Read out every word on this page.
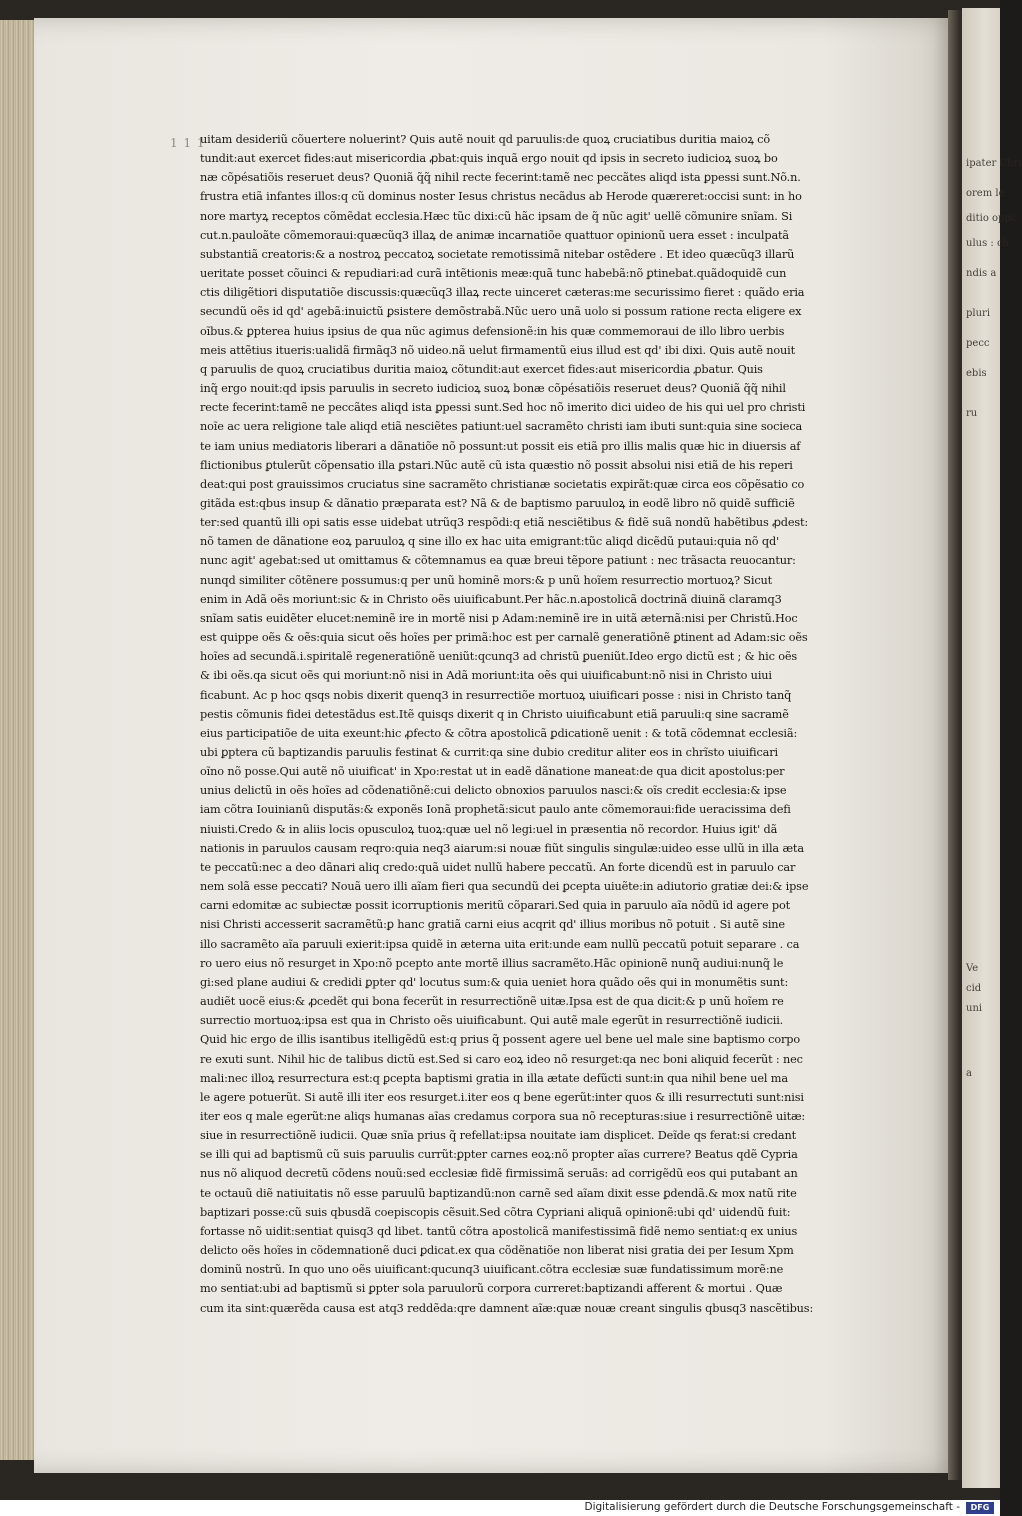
ipater Chri
orem le
ditio oppc
ulus : ch
ndis a
pluri
pecc
ebis
ru
Ve
cid
uni
a
1 1 1
uitam desideriũ cõuertere noluerint? Quis autẽ nouit qd paruulis:de quoꝝ cruciatibus duritia maioꝝ cõ
tundit:aut exercet fides:aut misericordia ꝓbat:quis inquã ergo nouit qd ipsis in secreto iudicioꝝ suoꝝ bo
næ cõpésatiõis reseruet deus? Quoniã q̃q̃ nihil recte fecerint:tamẽ nec peccãtes aliqd ista ꝑpessi sunt.Nõ.n.
frustra etiã infantes illos:q cũ dominus noster Iesus christus necãdus ab Herode quæreret:occisi sunt: in ho
nore martyꝝ receptos cõmẽdat ecclesia.Hæc tũc dixi:cũ hãc ipsam de q̃ nũc agit' uellẽ cõmunire snĩam. Si
cut.n.pauloãte cõmemoraui:quæcũq3 illaꝝ de animæ incarnatiõe quattuor opinionũ uera esset : inculpatã
substantiã creatoris:& a nostroꝝ peccatoꝝ societate remotissimã nitebar ostẽdere . Et ideo quæcũq3 illarũ
ueritate posset cõuinci & repudiari:ad curã intẽtionis meæ:quã tunc habebã:nõ ꝑtinebat.quãdoquidẽ cun
ctis diligẽtiori disputatiõe discussis:quæcũq3 illaꝝ recte uinceret cæteras:me securissimo fieret : quãdo eria
secundũ oẽs id qd' agebã:inuictũ ꝑsistere demõstrabã.Nũc uero unã uolo si possum ratione recta eligere ex
oĩbus.& ꝑpterea huius ipsius de qua nũc agimus defensionẽ:in his quæ commemoraui de illo libro uerbis
meis attẽtius itueris:ualidã firmãq3 nõ uideo.nã uelut firmamentũ eius illud est qd' ibi dixi. Quis autẽ nouit
q paruulis de quoꝝ cruciatibus duritia maioꝝ cõtundit:aut exercet fides:aut misericordia ꝓbatur. Quis
inq̃ ergo nouit:qd ipsis paruulis in secreto iudicioꝝ suoꝝ bonæ cõpésatiõis reseruet deus? Quoniã q̃q̃ nihil
recte fecerint:tamẽ ne peccãtes aliqd ista ꝑpessi sunt.Sed hoc nõ imerito dici uideo de his qui uel pro christi
noĩe ac uera religione tale aliqd etiã nesciẽtes patiunt:uel sacramẽto christi iam ibuti sunt:quia sine socieca
te iam unius mediatoris liberari a dãnatiõe nõ possunt:ut possit eis etiã pro illis malis quæ hic in diuersis af
flictionibus ꝑtulerũt cõpensatio illa ꝑstari.Nũc autẽ cũ ista quæstio nõ possit absolui nisi etiã de his reperi
deat:qui post grauissimos cruciatus sine sacramẽto christianæ societatis expirãt:quæ circa eos cõpẽsatio co
gitãda est:qbus insup & dãnatio præparata est? Nã & de baptismo paruuloꝝ in eodẽ libro nõ quidẽ sufficiẽ
ter:sed quantũ illi opi satis esse uidebat utrũq3 respõdi:q etiã nesciẽtibus & fidẽ suã nondũ habẽtibus ꝓdest:
nõ tamen de dãnatione eoꝝ paruuloꝝ q sine illo ex hac uita emigrant:tũc aliqd dicẽdũ putaui:quia nõ qd'
nunc agit' agebat:sed ut omittamus & cõtemnamus ea quæ breui tẽpore patiunt : nec trãsacta reuocantur:
nunqd similiter cõtẽnere possumus:q per unũ hominẽ mors:& p unũ hoĩem resurrectio mortuoꝝ? Sicut
enim in Adã oẽs moriunt:sic & in Christo oẽs uiuificabunt.Per hãc.n.apostolicã doctrinã diuinã claramq3
snĩam satis euidẽter elucet:neminẽ ire in mortẽ nisi p Adam:neminẽ ire in uitã æternã:nisi per Christũ.Hoc
est quippe oẽs & oẽs:quia sicut oẽs hoĩes per primã:hoc est per carnalẽ generatiõnẽ ꝑtinent ad Adam:sic oẽs
hoĩes ad secundã.i.spiritalẽ regeneratiõnẽ ueniũt:qcunq3 ad christũ ꝑueniũt.Ideo ergo dictũ est ; & hic oẽs
& ibi oẽs.qa sicut oẽs qui moriunt:nõ nisi in Adã moriunt:ita oẽs qui uiuificabunt:nõ nisi in Christo uiui
ficabunt. Ac p hoc qsqs nobis dixerit quenq3 in resurrectiõe mortuoꝝ uiuificari posse : nisi in Christo tanq̃
pestis cõmunis fidei detestãdus est.Itẽ quisqs dixerit q in Christo uiuificabunt etiã paruuli:q sine sacramẽ
eius participatiõe de uita exeunt:hic ꝓfecto & cõtra apostolicã ꝑdicationẽ uenit : & totã cõdemnat ecclesiã:
ubi ꝑptera cũ baptizandis paruulis festinat & currit:qa sine dubio creditur aliter eos in chrĩsto uiuificari
oĩno nõ posse.Qui autẽ nõ uiuificat' in Xpo:restat ut in eadẽ dãnatione maneat:de qua dicit apostolus:per
unius delictũ in oẽs hoĩes ad cõdenatiõnẽ:cui delicto obnoxios paruulos nasci:& oĩs credit ecclesia:& ipse
iam cõtra Iouinianũ disputãs:& exponẽs Ionã prophetã:sicut paulo ante cõmemoraui:fide ueracissima defi
niuisti.Credo & in aliis locis opusculoꝝ tuoꝝ:quæ uel nõ legi:uel in præsentia nõ recordor. Huius igit' dã
nationis in paruulos causam reqro:quia neq3 aiarum:si nouæ fiũt singulis singulæ:uideo esse ullũ in illa æta
te peccatũ:nec a deo dãnari aliq credo:quã uidet nullũ habere peccatũ. An forte dicendũ est in paruulo car
nem solã esse peccati? Nouã uero illi aĩam fieri qua secundũ dei ꝑcepta uiuẽte:in adiutorio gratiæ dei:& ipse
carni edomitæ ac subiectæ possit icorruptionis meritũ cõparari.Sed quia in paruulo aĩa nõdũ id agere pot
nisi Christi accesserit sacramẽtũ:ꝑ hanc gratiã carni eius acqrit qd' illius moribus nõ potuit . Si autẽ sine
illo sacramẽto aĩa paruuli exierit:ipsa quidẽ in æterna uita erit:unde eam nullũ peccatũ potuit separare . ca
ro uero eius nõ resurget in Xpo:nõ pcepto ante mortẽ illius sacramẽto.Hãc opinionẽ nunq̃ audiui:nunq̃ le
gi:sed plane audiui & credidi ꝑpter qd' locutus sum:& quia ueniet hora quãdo oẽs qui in monumẽtis sunt:
audiẽt uocẽ eius:& ꝓcedẽt qui bona fecerũt in resurrectiõnẽ uitæ.Ipsa est de qua dicit:& p unũ hoĩem re
surrectio mortuoꝝ:ipsa est qua in Christo oẽs uiuificabunt. Qui autẽ male egerũt in resurrectiõnẽ iudicii.
Quid hic ergo de illis isantibus itelligẽdũ est:q prius q̃ possent agere uel bene uel male sine baptismo corpo
re exuti sunt. Nihil hic de talibus dictũ est.Sed si caro eoꝝ ideo nõ resurget:qa nec boni aliquid fecerũt : nec
mali:nec illoꝝ resurrectura est:q ꝑcepta baptismi gratia in illa ætate defũcti sunt:in qua nihil bene uel ma
le agere potuerũt. Si autẽ illi iter eos resurget.i.iter eos q bene egerũt:inter quos & illi resurrectuti sunt:nisi
iter eos q male egerũt:ne aliqs humanas aĩas credamus corpora sua nõ recepturas:siue i resurrectiõnẽ uitæ:
siue in resurrectiõnẽ iudicii. Quæ snĩa prius q̃ refellat:ipsa nouitate iam displicet. Deĩde qs ferat:si credant
se illi qui ad baptismũ cũ suis paruulis currũt:ꝑpter carnes eoꝝ:nõ propter aĩas currere? Beatus qdẽ Cypria
nus nõ aliquod decretũ cõdens nouũ:sed ecclesiæ fidẽ firmissimã seruãs: ad corrigẽdũ eos qui putabant an
te octauũ diẽ natiuitatis nõ esse paruulũ baptizandũ:non carnẽ sed aĩam dixit esse ꝑdendã.& mox natũ rite
baptizari posse:cũ suis qbusdã coepiscopis cẽsuit.Sed cõtra Cypriani aliquã opinionẽ:ubi qd' uidendũ fuit:
fortasse nõ uidit:sentiat quisq3 qd libet. tantũ cõtra apostolicã manifestissimã fidẽ nemo sentiat:q ex unius
delicto oẽs hoĩes in cõdemnationẽ duci ꝑdicat.ex qua cõdẽnatiõe non liberat nisi gratia dei per Iesum Xpm
dominũ nostrũ. In quo uno oẽs uiuificant:qucunq3 uiuificant.cõtra ecclesiæ suæ fundatissimum morẽ:ne
mo sentiat:ubi ad baptismũ si ꝑpter sola paruulorũ corpora curreret:baptizandi afferent & mortui . Quæ
cum ita sint:quærẽda causa est atq3 reddẽda:qre damnent aĩæ:quæ nouæ creant singulis qbusq3 nascẽtibus:
Digitalisierung gefördert durch die Deutsche Forschungsgemeinschaft -	DFG
